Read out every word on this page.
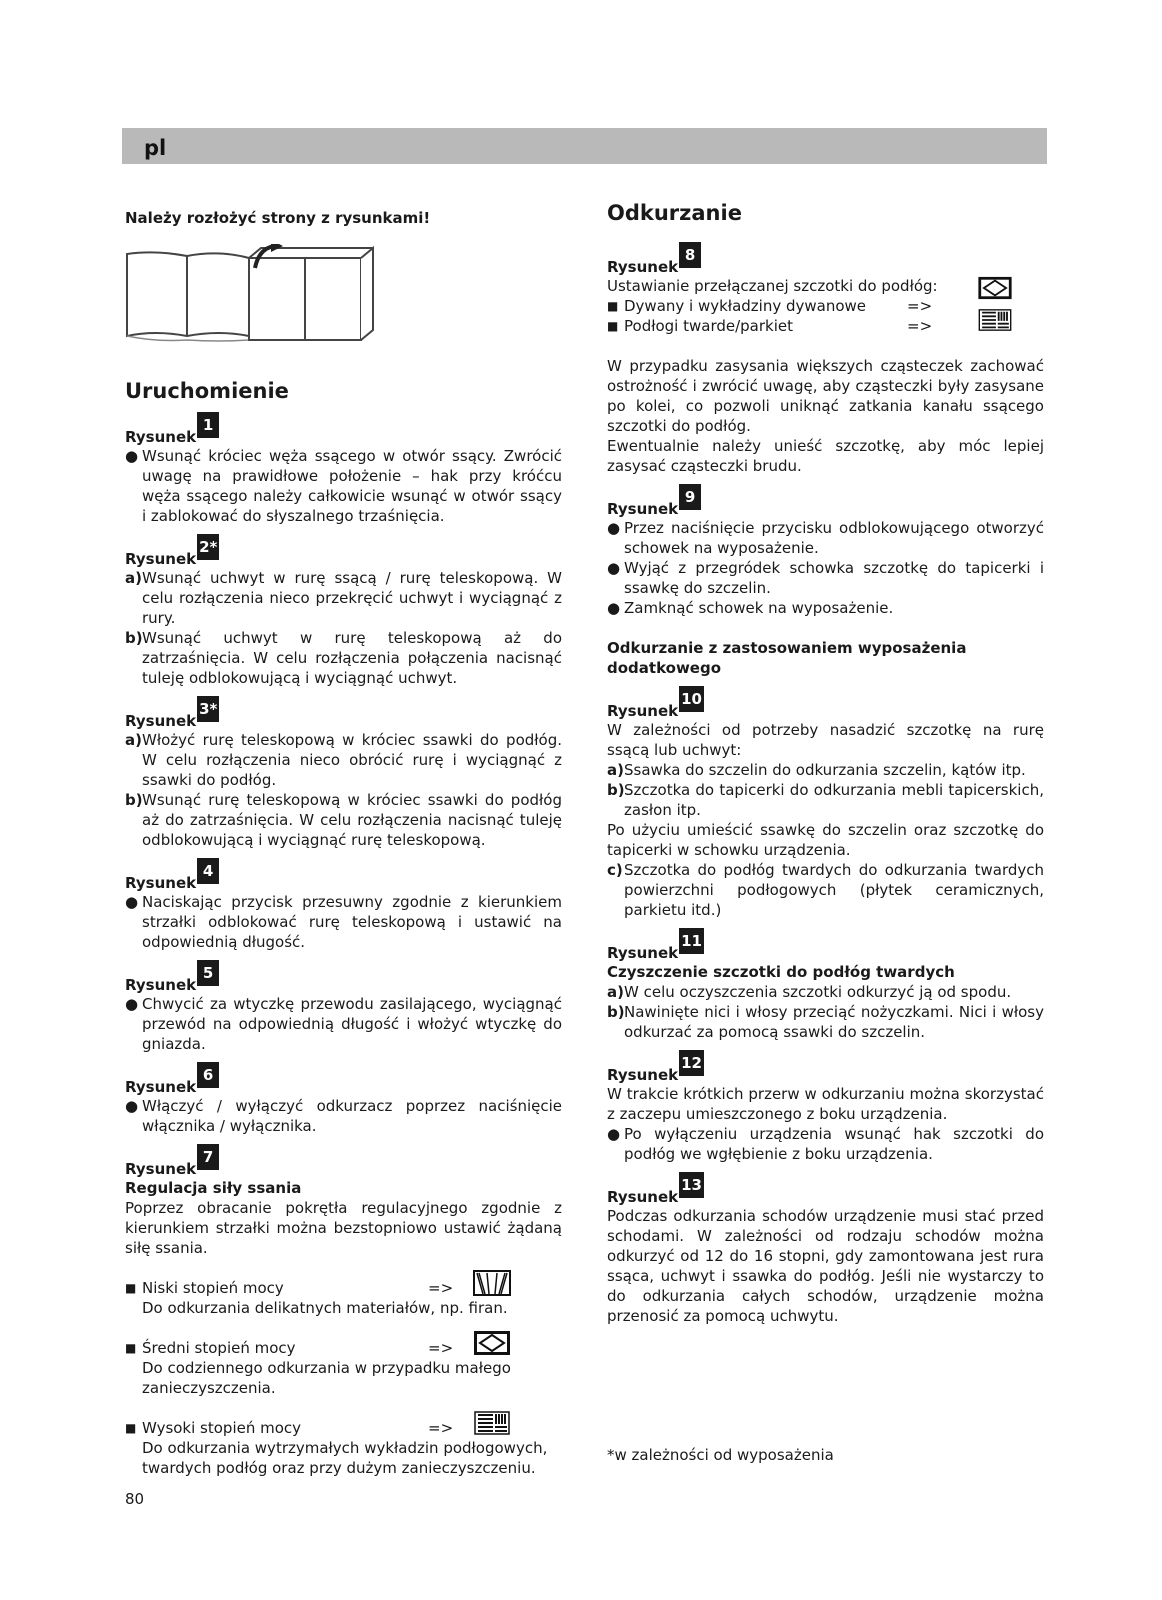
pl

Należy rozłożyć strony z rysunkami!

Uruchomienie
Rysunek
1
● Wsunąć króciec węża ssącego w otwór ssący. Zwrócić uwagę na prawidłowe położenie – hak przy króćcu węża ssącego należy całkowicie wsunąć w otwór ssący i zablokować do słyszalnego trzaśnięcia.
Rysunek
2*
a) Wsunąć uchwyt w rurę ssącą / rurę teleskopową. W celu rozłączenia nieco przekręcić uchwyt i wyciągnąć z rury.
b) Wsunąć uchwyt w rurę teleskopową aż do zatrzaśnięcia. W celu rozłączenia połączenia nacisnąć tuleję odblokowującą i wyciągnąć uchwyt.
Rysunek
3*
a) Włożyć rurę teleskopową w króciec ssawki do podłóg. W celu rozłączenia nieco obrócić rurę i wyciągnąć z ssawki do podłóg.
b) Wsunąć rurę teleskopową w króciec ssawki do podłóg aż do zatrzaśnięcia. W celu rozłączenia nacisnąć tuleję odblokowującą i wyciągnąć rurę teleskopową.
Rysunek
4
● Naciskając przycisk przesuwny zgodnie z kierunkiem strzałki odblokować rurę teleskopową i ustawić na odpowiednią długość.
Rysunek
5
● Chwycić za wtyczkę przewodu zasilającego, wyciągnąć przewód na odpowiednią długość i włożyć wtyczkę do gniazda.
Rysunek
6
● Włączyć / wyłączyć odkurzacz poprzez naciśnięcie włącznika / wyłącznika.
Rysunek
7

Regulacja siły ssania

Poprzez obracanie pokrętła regulacyjnego zgodnie z kierunkiem strzałki można bezstopniowo ustawić żądaną siłę ssania.

■ Niski stopień mocy	=>

Do odkurzania delikatnych materiałów, np. firan.

■ Średni stopień mocy	=>

Do codziennego odkurzania w przypadku małego zanieczyszczenia.

■ Wysoki stopień mocy	=>

Do odkurzania wytrzymałych wykładzin podłogowych, twardych podłóg oraz przy dużym zanieczyszczeniu.

Odkurzanie
Rysunek
8

Ustawianie przełączanej szczotki do podłóg:

■ Dywany i wykładziny dywanowe	=>
■ Podłogi twarde/parkiet	=>

W przypadku zasysania większych cząsteczek zachować ostrożność i zwrócić uwagę, aby cząsteczki były zasysane po kolei, co pozwoli uniknąć zatkania kanału ssącego szczotki do podłóg.

Ewentualnie należy unieść szczotkę, aby móc lepiej zasysać cząsteczki brudu.

Rysunek
9
● Przez naciśnięcie przycisku odblokowującego otworzyć schowek na wyposażenie.
● Wyjąć z przegródek schowka szczotkę do tapicerki i ssawkę do szczelin.
● Zamknąć schowek na wyposażenie.

Odkurzanie z zastosowaniem wyposażenia dodatkowego

Rysunek
10

W zależności od potrzeby nasadzić szczotkę na rurę ssącą lub uchwyt:

a) Ssawka do szczelin do odkurzania szczelin, kątów itp.
b) Szczotka do tapicerki do odkurzania mebli tapicerskich, zasłon itp.

Po użyciu umieścić ssawkę do szczelin oraz szczotkę do tapicerki w schowku urządzenia.

c) Szczotka do podłóg twardych do odkurzania twardych powierzchni podłogowych (płytek ceramicznych, parkietu itd.)
Rysunek
11

Czyszczenie szczotki do podłóg twardych

a) W celu oczyszczenia szczotki odkurzyć ją od spodu.
b) Nawinięte nici i włosy przeciąć nożyczkami. Nici i włosy odkurzać za pomocą ssawki do szczelin.
Rysunek
12

W trakcie krótkich przerw w odkurzaniu można skorzystać z zaczepu umieszczonego z boku urządzenia.

● Po wyłączeniu urządzenia wsunąć hak szczotki do podłóg we wgłębienie z boku urządzenia.
Rysunek
13

Podczas odkurzania schodów urządzenie musi stać przed schodami. W zależności od rodzaju schodów można odkurzyć od 12 do 16 stopni, gdy zamontowana jest rura ssąca, uchwyt i ssawka do podłóg. Jeśli nie wystarczy to do odkurzania całych schodów, urządzenie można przenosić za pomocą uchwytu.

*w zależności od wyposażenia

80
